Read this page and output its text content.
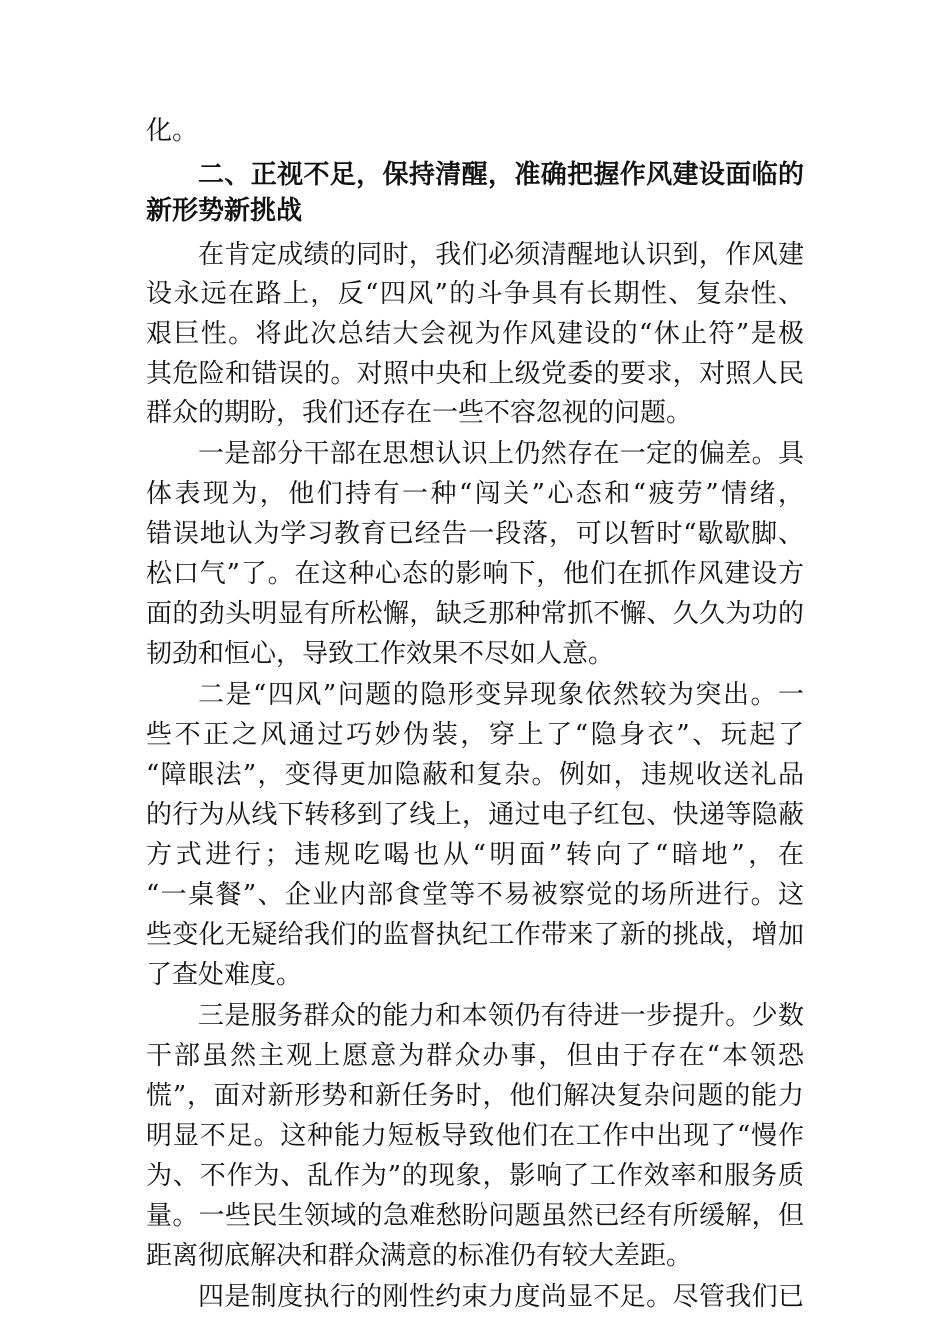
化。
二、正视不足，保持清醒，准确把握作风建设面临的
新形势新挑战
在肯定成绩的同时，我们必须清醒地认识到，作风建
设永远在路上，反“四风”的斗争具有长期性、复杂性、
艰巨性。将此次总结大会视为作风建设的“休止符”是极
其危险和错误的。对照中央和上级党委的要求，对照人民
群众的期盼，我们还存在一些不容忽视的问题。
一是部分干部在思想认识上仍然存在一定的偏差。具
体表现为，他们持有一种“闯关”心态和“疲劳”情绪，
错误地认为学习教育已经告一段落，可以暂时“歇歇脚、
松口气”了。在这种心态的影响下，他们在抓作风建设方
面的劲头明显有所松懈，缺乏那种常抓不懈、久久为功的
韧劲和恒心，导致工作效果不尽如人意。
二是“四风”问题的隐形变异现象依然较为突出。一
些不正之风通过巧妙伪装，穿上了“隐身衣”、玩起了
“障眼法”，变得更加隐蔽和复杂。例如，违规收送礼品
的行为从线下转移到了线上，通过电子红包、快递等隐蔽
方式进行；违规吃喝也从“明面”转向了“暗地”，在
“一桌餐”、企业内部食堂等不易被察觉的场所进行。这
些变化无疑给我们的监督执纪工作带来了新的挑战，增加
了查处难度。
三是服务群众的能力和本领仍有待进一步提升。少数
干部虽然主观上愿意为群众办事，但由于存在“本领恐
慌”，面对新形势和新任务时，他们解决复杂问题的能力
明显不足。这种能力短板导致他们在工作中出现了“慢作
为、不作为、乱作为”的现象，影响了工作效率和服务质
量。一些民生领域的急难愁盼问题虽然已经有所缓解，但
距离彻底解决和群众满意的标准仍有较大差距。
四是制度执行的刚性约束力度尚显不足。尽管我们已
